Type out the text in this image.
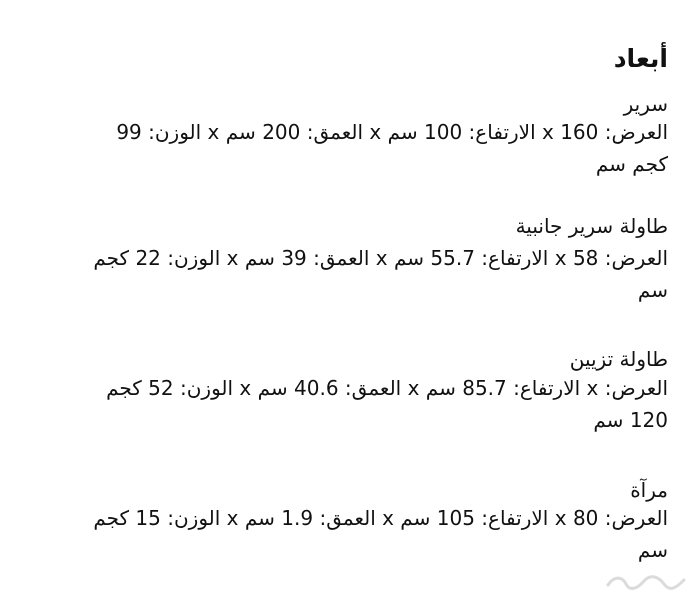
أبعاد

سرير

العرض: 160 x الارتفاع: 100 سم x العمق: 200 سم x الوزن: 99 كجم سم

طاولة سرير جانبية

العرض: 58 x الارتفاع: 55.7 سم x العمق: 39 سم x الوزن: 22 كجم سم

طاولة تزيين

العرض: x الارتفاع: 85.7 سم x العمق: 40.6 سم x الوزن: 52 كجم 120 سم

مرآة

العرض: 80 x الارتفاع: 105 سم x العمق: 1.9 سم x الوزن: 15 كجم سم
